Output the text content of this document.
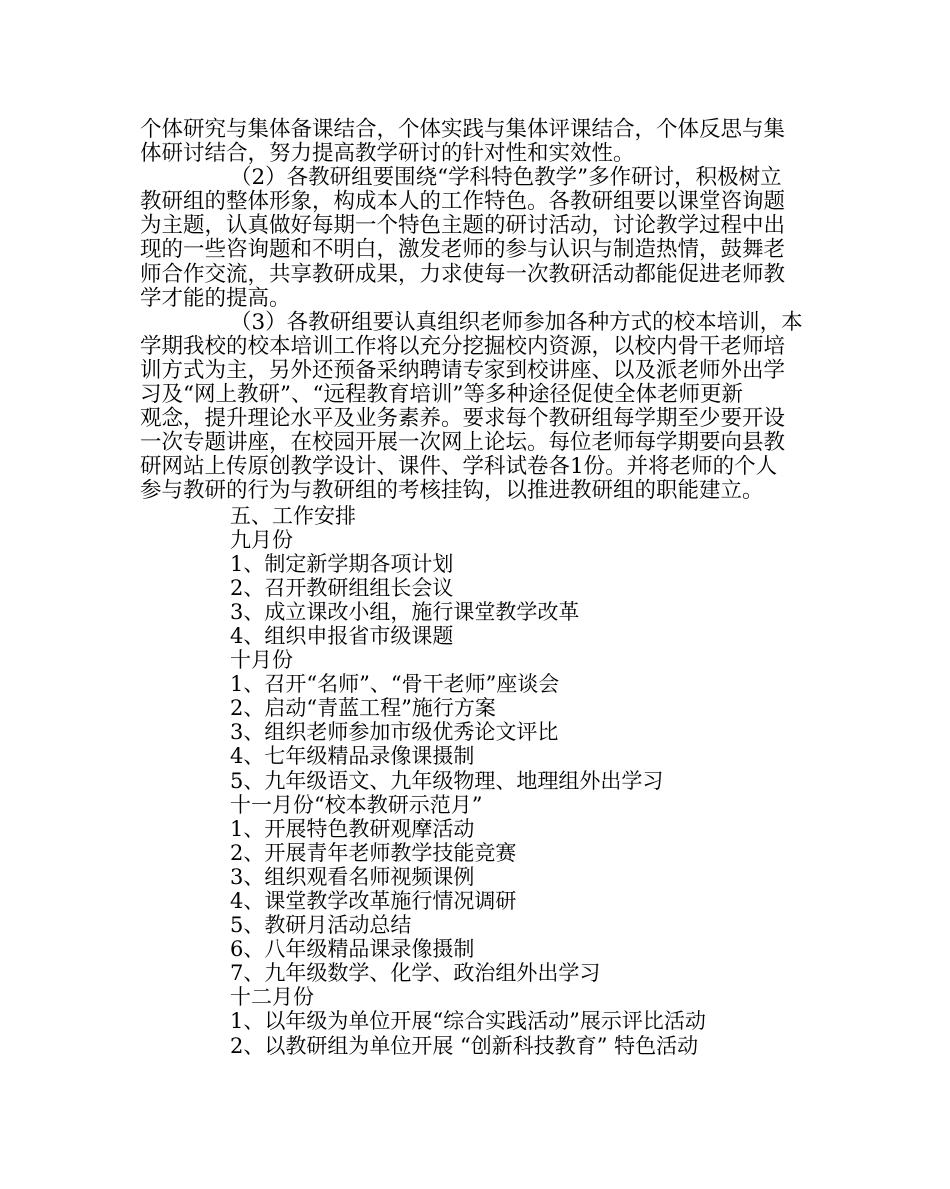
个体研究与集体备课结合，个体实践与集体评课结合，个体反思与集

体研讨结合，努力提高教学研讨的针对性和实效性。

（2）各教研组要围绕“学科特色教学”多作研讨，积极树立

教研组的整体形象，构成本人的工作特色。各教研组要以课堂咨询题

为主题，认真做好每期一个特色主题的研讨活动，讨论教学过程中出

现的一些咨询题和不明白，激发老师的参与认识与制造热情，鼓舞老

师合作交流，共享教研成果，力求使每一次教研活动都能促进老师教

学才能的提高。

（3）各教研组要认真组织老师参加各种方式的校本培训，本

学期我校的校本培训工作将以充分挖掘校内资源，以校内骨干老师培

训方式为主，另外还预备采纳聘请专家到校讲座、以及派老师外出学

习及“网上教研”、“远程教育培训”等多种途径促使全体老师更新

观念，提升理论水平及业务素养。要求每个教研组每学期至少要开设

一次专题讲座，在校园开展一次网上论坛。每位老师每学期要向县教

研网站上传原创教学设计、课件、学科试卷各1份。并将老师的个人

参与教研的行为与教研组的考核挂钩，以推进教研组的职能建立。

五、工作安排

九月份

1、制定新学期各项计划

2、召开教研组组长会议

3、成立课改小组，施行课堂教学改革

4、组织申报省市级课题

十月份

1、召开“名师”、“骨干老师”座谈会

2、启动“青蓝工程”施行方案

3、组织老师参加市级优秀论文评比

4、七年级精品录像课摄制

5、九年级语文、九年级物理、地理组外出学习

十一月份“校本教研示范月”

1、开展特色教研观摩活动

2、开展青年老师教学技能竞赛

3、组织观看名师视频课例

4、课堂教学改革施行情况调研

5、教研月活动总结

6、八年级精品课录像摄制

7、九年级数学、化学、政治组外出学习

十二月份

1、以年级为单位开展“综合实践活动”展示评比活动

2、以教研组为单位开展 “创新科技教育” 特色活动
